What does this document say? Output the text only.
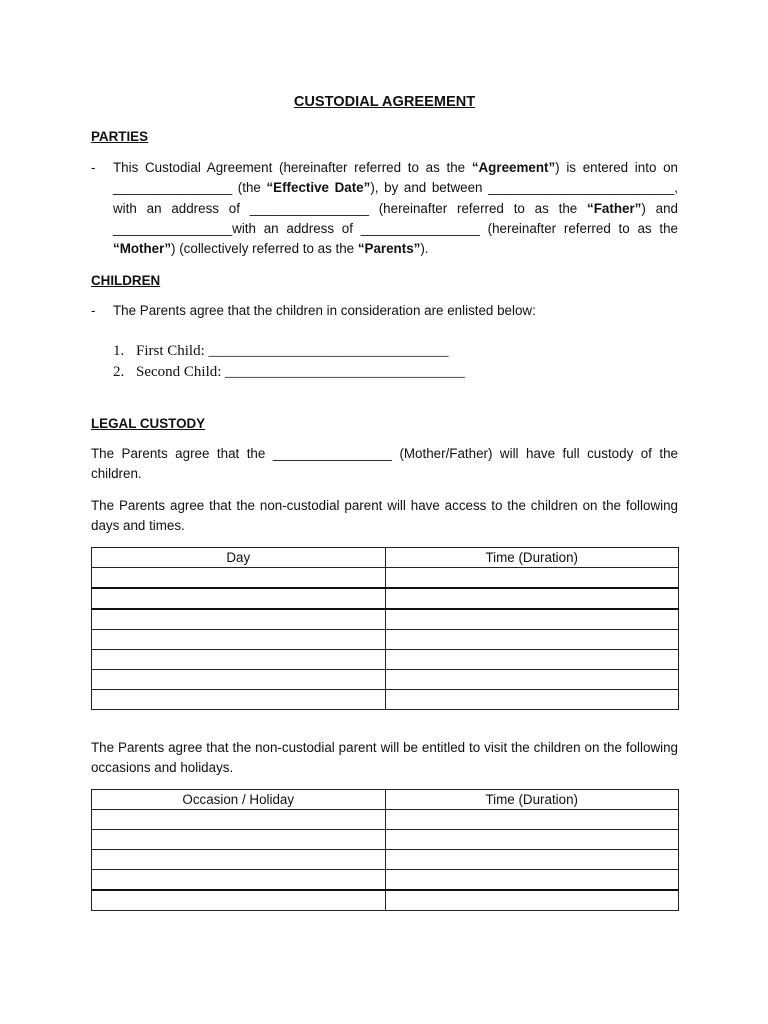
CUSTODIAL AGREEMENT
PARTIES
- This Custodial Agreement (hereinafter referred to as the “Agreement”) is entered into on ________________ (the “Effective Date”), by and between _________________________, with an address of ________________ (hereinafter referred to as the “Father”) and ________________with an address of ________________ (hereinafter referred to as the “Mother”) (collectively referred to as the “Parents”).
CHILDREN
- The Parents agree that the children in consideration are enlisted below:
1. First Child: ________________________________
2. Second Child: ________________________________
LEGAL CUSTODY
The Parents agree that the ________________ (Mother/Father) will have full custody of the children.
The Parents agree that the non-custodial parent will have access to the children on the following days and times.
Day	Time (Duration)

The Parents agree that the non-custodial parent will be entitled to visit the children on the following occasions and holidays.
Occasion / Holiday	Time (Duration)
